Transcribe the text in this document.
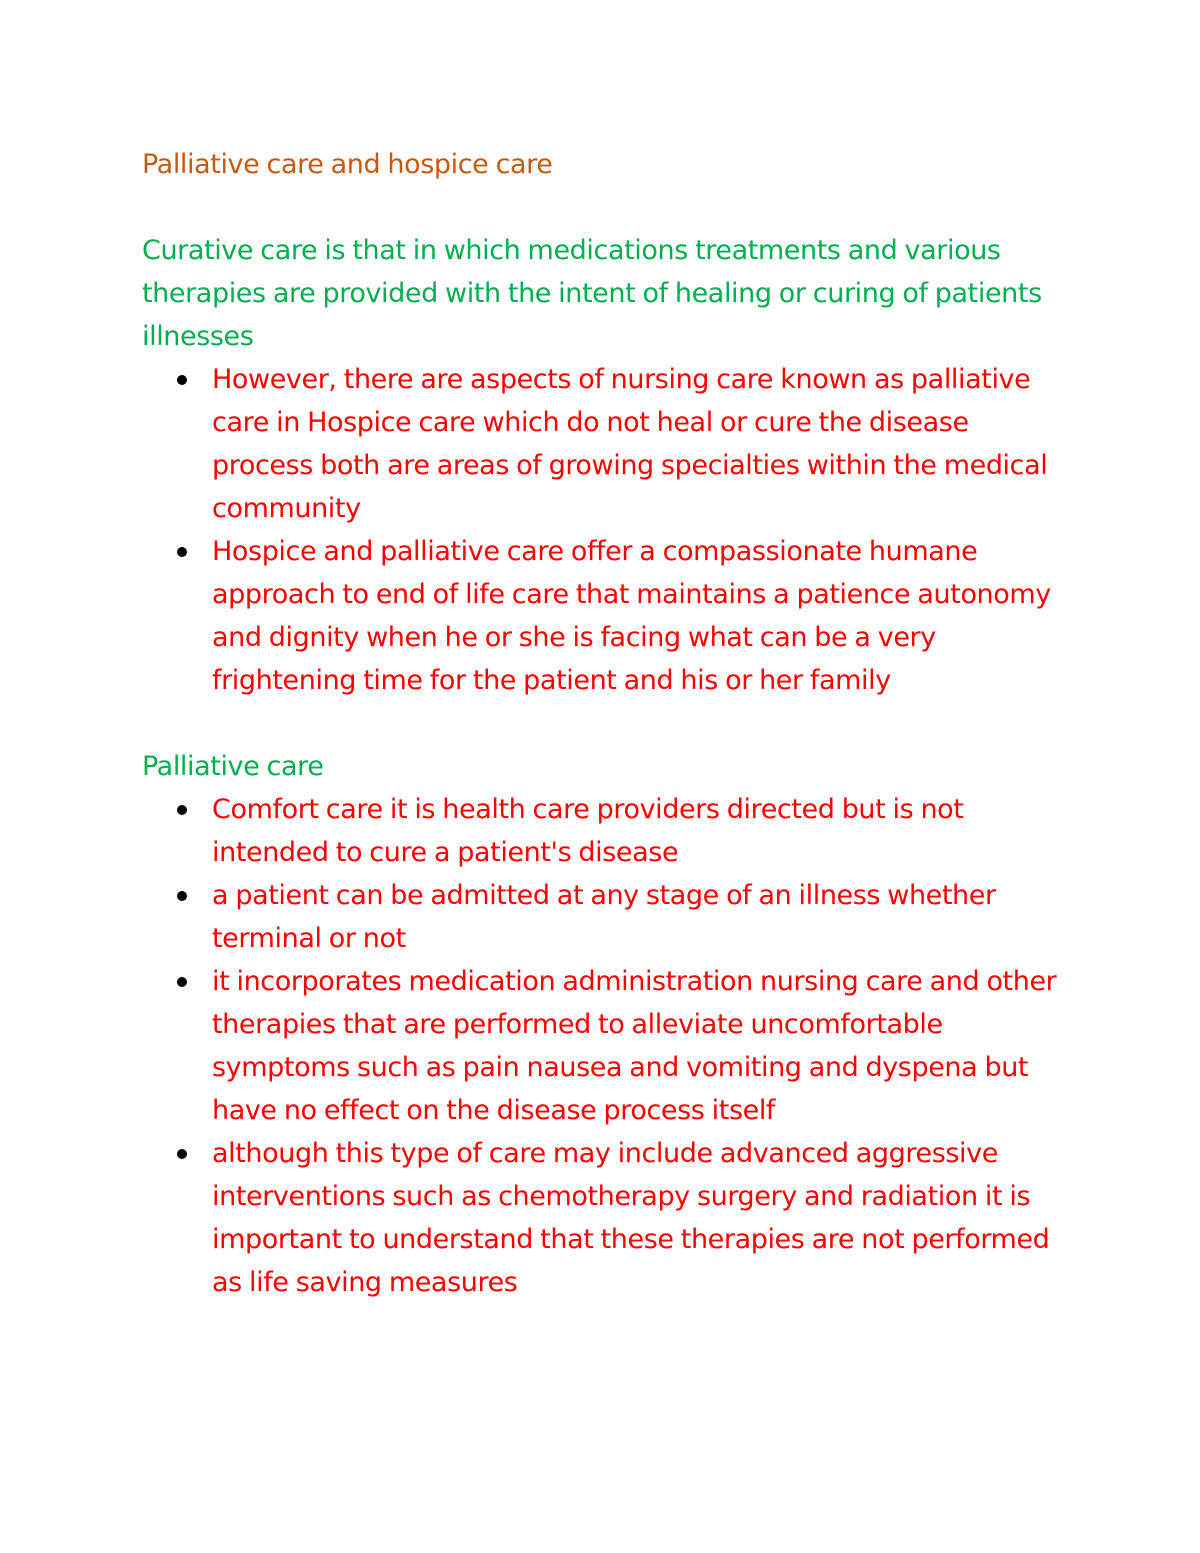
Palliative care and hospice care

Curative care is that in which medications treatments and various therapies are provided with the intent of healing or curing of patients illnesses

However, there are aspects of nursing care known as palliative care in Hospice care which do not heal or cure the disease process both are areas of growing specialties within the medical community
Hospice and palliative care offer a compassionate humane approach to end of life care that maintains a patience autonomy and dignity when he or she is facing what can be a very frightening time for the patient and his or her family

Palliative care

Comfort care it is health care providers directed but is not intended to cure a patient's disease
a patient can be admitted at any stage of an illness whether terminal or not
it incorporates medication administration nursing care and other therapies that are performed to alleviate uncomfortable symptoms such as pain nausea and vomiting and dyspena but have no effect on the disease process itself
although this type of care may include advanced aggressive interventions such as chemotherapy surgery and radiation it is important to understand that these therapies are not performed as life saving measures
